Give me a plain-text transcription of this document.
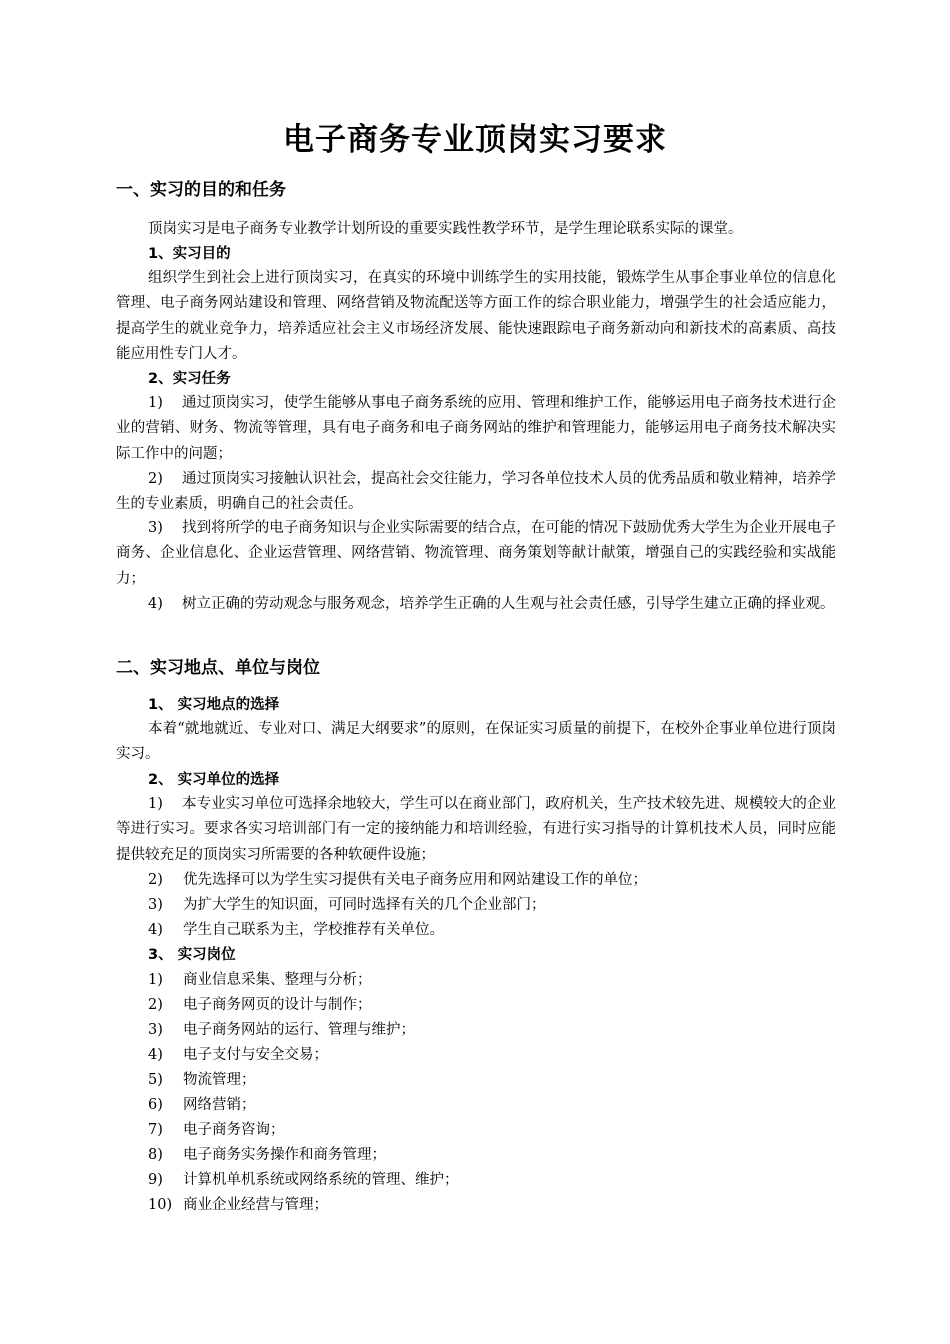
电子商务专业顶岗实习要求
一、实习的目的和任务
顶岗实习是电子商务专业教学计划所设的重要实践性教学环节，是学生理论联系实际的课堂。
1、实习目的
组织学生到社会上进行顶岗实习，在真实的环境中训练学生的实用技能，锻炼学生从事企事业单位的信息化管理、电子商务网站建设和管理、网络营销及物流配送等方面工作的综合职业能力，增强学生的社会适应能力，提高学生的就业竞争力，培养适应社会主义市场经济发展、能快速跟踪电子商务新动向和新技术的高素质、高技能应用性专门人才。
2、实习任务
1) 通过顶岗实习，使学生能够从事电子商务系统的应用、管理和维护工作，能够运用电子商务技术进行企业的营销、财务、物流等管理，具有电子商务和电子商务网站的维护和管理能力，能够运用电子商务技术解决实际工作中的问题；
2) 通过顶岗实习接触认识社会，提高社会交往能力，学习各单位技术人员的优秀品质和敬业精神，培养学生的专业素质，明确自己的社会责任。
3) 找到将所学的电子商务知识与企业实际需要的结合点，在可能的情况下鼓励优秀大学生为企业开展电子商务、企业信息化、企业运营管理、网络营销、物流管理、商务策划等献计献策，增强自己的实践经验和实战能力；
4) 树立正确的劳动观念与服务观念，培养学生正确的人生观与社会责任感，引导学生建立正确的择业观。
二、实习地点、单位与岗位
1、 实习地点的选择
本着“就地就近、专业对口、满足大纲要求”的原则，在保证实习质量的前提下，在校外企事业单位进行顶岗实习。
2、 实习单位的选择
1) 本专业实习单位可选择余地较大，学生可以在商业部门，政府机关，生产技术较先进、规模较大的企业等进行实习。要求各实习培训部门有一定的接纳能力和培训经验，有进行实习指导的计算机技术人员，同时应能提供较充足的顶岗实习所需要的各种软硬件设施；
2) 优先选择可以为学生实习提供有关电子商务应用和网站建设工作的单位；
3) 为扩大学生的知识面，可同时选择有关的几个企业部门；
4) 学生自己联系为主，学校推荐有关单位。
3、 实习岗位
1) 商业信息采集、整理与分析；
2) 电子商务网页的设计与制作；
3) 电子商务网站的运行、管理与维护；
4) 电子支付与安全交易；
5) 物流管理；
6) 网络营销；
7) 电子商务咨询；
8) 电子商务实务操作和商务管理；
9) 计算机单机系统或网络系统的管理、维护；
10) 商业企业经营与管理；
